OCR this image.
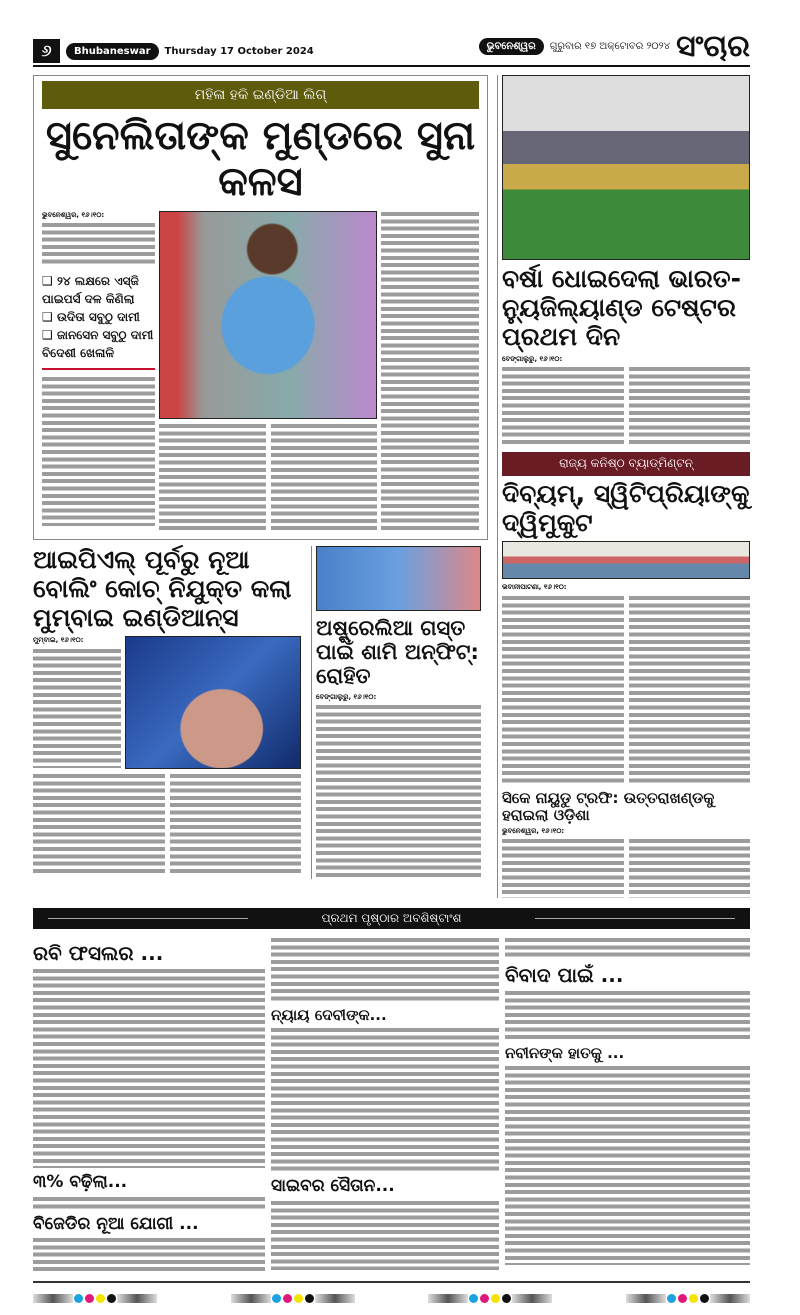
୬	Bhubaneswar	Thursday 17 October 2024	ଭୁବନେଶ୍ୱର	ଗୁରୁବାର ୧୭ ଅକ୍ଟୋବର ୨୦୨୪ ସଂଚାର
ମହିଳା ହକି ଇଣ୍ଡିଆ ଲିଗ୍
ସୁନେଲିତାଙ୍କ ମୁଣ୍ଡରେ ସୁନା କଳସ
ଭୁବନେଶ୍ୱର, ୧୬।୧୦:
❑ ୨୪ ଲକ୍ଷରେ ଏସ୍‌ଜି ପାଇପର୍ସ ଦଳ କିଣିଲା
❑ ଉଦିତା ସବୁଠୁ ଦାମୀ
❑ ଜାନସେନ ସବୁଠୁ ଦାମୀ ବିଦେଶୀ ଖେଳାଳି
ଆଇପିଏଲ୍ ପୂର୍ବରୁ ନୂଆ ବୋଲିଂ କୋଚ୍ ନିଯୁକ୍ତ କଲା ମୁମ୍ବାଇ ଇଣ୍ଡିଆନ୍ସ
ମୁମ୍ବାଇ, ୧୬।୧୦:
ଅଷ୍ଟ୍ରେଲିଆ ଗସ୍ତ ପାଇଁ ଶାମି ଅନ୍‌ଫିଟ୍: ରୋହିତ
ବେଙ୍ଗାଲୁରୁ, ୧୬।୧୦:
ବର୍ଷା ଧୋଇଦେଲା ଭାରତ-ନ୍ୟୁଜିଲ୍ୟାଣ୍ଡ ଟେଷ୍ଟର ପ୍ରଥମ ଦିନ
ବେଙ୍ଗାଲୁରୁ, ୧୬।୧୦:
ରାଜ୍ୟ କନିଷ୍ଠ ବ୍ୟାଡ୍‌ମିଣ୍ଟନ୍
ଦିବ୍ୟମ୍, ସ୍ୱିଟିପ୍ରିୟାଙ୍କୁ ଦ୍ୱିମୁକୁଟ
ଭବାନୀପାଟଣା, ୧୬।୧୦:
ସିକେ ନାୟୁଡୁ ଟ୍ରଫି: ଉତ୍ତରାଖଣ୍ଡକୁ ହରାଇଲା ଓଡ଼ିଶା
ଭୁବନେଶ୍ୱର, ୧୬।୧୦:
ପ୍ରଥମ ପୃଷ୍ଠାର ଅବଶିଷ୍ଟାଂଶ
ରବି ଫସଲର ...
୩% ବଢ଼ିଲା...
ବିଜେଡିର ନୂଆ ଯୋଗୀ ...
ନ୍ୟାୟ ଦେବୀଙ୍କ...
ସାଇବର ସୈତାନ...
ବିବାଦ ପାଇଁ ...
ନବୀନଙ୍କ ହାତକୁ ...
